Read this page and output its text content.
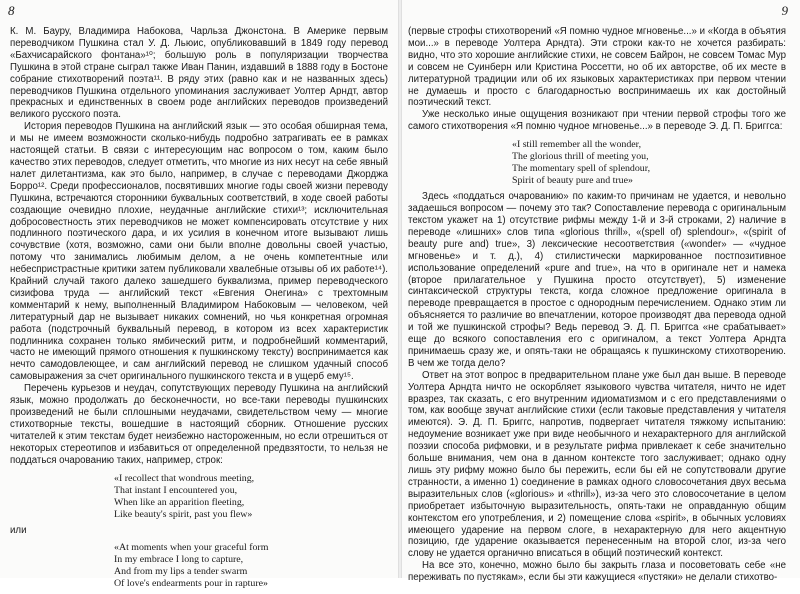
8

К. М. Бауру, Владимира Набокова, Чарльза Джонстона. В Америке первым переводчиком Пушкина стал У. Д. Льюис, опубликовавший в 1849 году перевод «Бахчисарайского фонтана»¹⁰; большую роль в популяризации творчества Пушкина в этой стране сыграл также Иван Панин, издавший в 1888 году в Бостоне собрание стихотворений поэта¹¹. В ряду этих (равно как и не названных здесь) переводчиков Пушкина отдельного упоминания заслуживает Уолтер Арндт, автор прекрасных и единственных в своем роде английских переводов произведений великого русского поэта.

История переводов Пушкина на английский язык — это особая обширная тема, и мы не имеем возможности сколько-нибудь подробно затрагивать ее в рамках настоящей статьи. В связи с интересующим нас вопросом о том, каким было качество этих переводов, следует отметить, что многие из них несут на себе явный налет дилетантизма, как это было, например, в случае с переводами Джорджа Борро¹². Среди профессионалов, посвятивших многие годы своей жизни переводу Пушкина, встречаются сторонники буквальных соответствий, в ходе своей работы создающие очевидно плохие, неудачные английские стихи¹³; исключительная добросовестность этих переводчиков не может компенсировать отсутствие у них подлинного поэтического дара, и их усилия в конечном итоге вызывают лишь сочувствие (хотя, возможно, сами они были вполне довольны своей участью, потому что занимались любимым делом, а не очень компетентные или небеспристрастные критики затем публиковали хвалебные отзывы об их работе¹⁴). Крайний случай такого далеко зашедшего буквализма, пример переводческого сизифова труда — английский текст «Евгения Онегина» с трехтомным комментарий к нему, выполненный Владимиром Набоковым — человеком, чей литературный дар не вызывает никаких сомнений, но чья конкретная огромная работа (подстрочный буквальный перевод, в котором из всех характеристик подлинника сохранен только ямбический ритм, и подробнейший комментарий, часто не имеющий прямого отношения к пушкинскому тексту) воспринимается как нечто самодовлеющее, и сам английский перевод не слишком удачный способ самовыражения за счет оригинального пушкинского текста и в ущерб ему¹⁵.

Перечень курьезов и неудач, сопутствующих переводу Пушкина на английский язык, можно продолжать до бесконечности, но все-таки переводы пушкинских произведений не были сплошными неудачами, свидетельством чему — многие стихотворные тексты, вошедшие в настоящий сборник. Отношение русских читателей к этим текстам будет неизбежно настороженным, но если отрешиться от некоторых стереотипов и избавиться от определенной предвзятости, то нельзя не поддаться очарованию таких, например, строк:

«I recollect that wondrous meeting,
That instant I encountered you,
When like an apparition fleeting,
Like beauty's spirit, past you flew»
или
«At moments when your graceful form
In my embrace I long to capture,
And from my lips a tender swarm
Of love's endearments pour in rapture»
9

(первые строфы стихотворений «Я помню чудное мгновенье...» и «Когда в объятия мои...» в переводе Уолтера Арндта). Эти строки как-то не хочется разбирать: видно, что это хорошие английские стихи, не совсем Байрон, не совсем Томас Мур и совсем не Суинберн или Кристина Россетти, но об их авторстве, об их месте в литературной традиции или об их языковых характеристиках при первом чтении не думаешь и просто с благодарностью воспринимаешь их как достойный поэтический текст.

Уже несколько иные ощущения возникают при чтении первой строфы того же самого стихотворения «Я помню чудное мгновенье...» в переводе Э. Д. П. Бриггса:

«I still remember all the wonder,
The glorious thrill of meeting you,
The momentary spell of splendour,
Spirit of beauty pure and true»

Здесь «поддаться очарованию» по каким-то причинам не удается, и невольно задаешься вопросом — почему это так? Сопоставление перевода с оригинальным текстом укажет на 1) отсутствие рифмы между 1-й и 3-й строками, 2) наличие в переводе «лишних» слов типа «glorious thrill», «(spell of) splendour», «(spirit of beauty pure and) true», 3) лексические несоответствия («wonder» — «чудное мгновенье» и т. д.), 4) стилистически маркированное постпозитивное использование определений «pure and true», на что в оригинале нет и намека (второе прилагательное у Пушкина просто отсутствует), 5) изменение синтаксической структуры текста, когда сложное предложение оригинала в переводе превращается в простое с однородным перечислением. Однако этим ли объясняется то различие во впечатлении, которое производят два перевода одной и той же пушкинской строфы? Ведь перевод Э. Д. П. Бриггса «не срабатывает» еще до всякого сопоставления его с оригиналом, а текст Уолтера Арндта принимаешь сразу же, и опять-таки не обращаясь к пушкинскому стихотворению. В чем же тогда дело?

Ответ на этот вопрос в предварительном плане уже был дан выше. В переводе Уолтера Арндта ничто не оскорбляет языкового чувства читателя, ничто не идет вразрез, так сказать, с его внутренним идиоматизмом и с его представлениями о том, как вообще звучат английские стихи (если таковые представления у читателя имеются). Э. Д. П. Бриггс, напротив, подвергает читателя тяжкому испытанию: недоумение возникает уже при виде необычного и нехарактерного для английской поэзии способа рифмовки, и в результате рифма привлекает к себе значительно больше внимания, чем она в данном контексте того заслуживает; однако одну лишь эту рифму можно было бы пережить, если бы ей не сопутствовали другие странности, а именно 1) соединение в рамках одного словосочетания двух весьма выразительных слов («glorious» и «thrill»), из-за чего это словосочетание в целом приобретает избыточную выразительность, опять-таки не оправданную общим контекстом его употребления, и 2) помещение слова «spirit», в обычных условиях имеющего ударение на первом слоге, в нехарактерную для него акцентную позицию, где ударение оказывается перенесенным на второй слог, из-за чего слову не удается органично вписаться в общий поэтический контекст.

На все это, конечно, можно было бы закрыть глаза и посоветовать себе «не переживать по пустякам», если бы эти кажущиеся «пустяки» не делали стихотво-
